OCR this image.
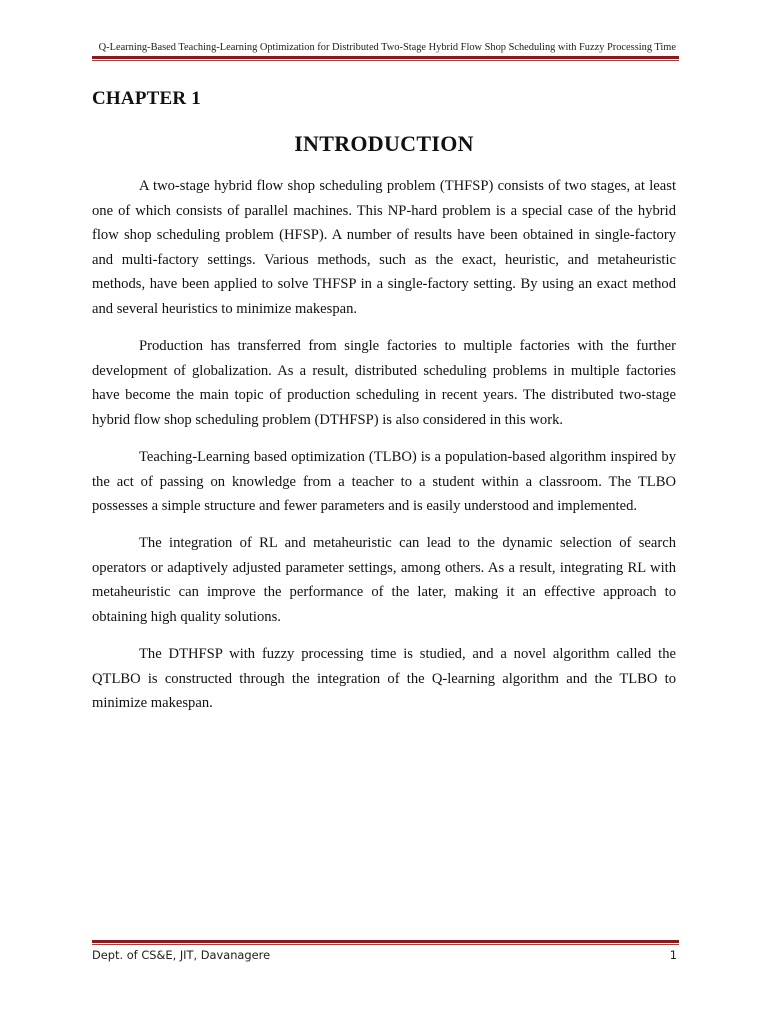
Q-Learning-Based Teaching-Learning Optimization for Distributed Two-Stage Hybrid Flow Shop Scheduling with Fuzzy Processing Time
CHAPTER 1
INTRODUCTION

A two-stage hybrid flow shop scheduling problem (THFSP) consists of two stages, at least one of which consists of parallel machines. This NP-hard problem is a special case of the hybrid flow shop scheduling problem (HFSP). A number of results have been obtained in single-factory and multi-factory settings. Various methods, such as the exact, heuristic, and metaheuristic methods, have been applied to solve THFSP in a single-factory setting. By using an exact method and several heuristics to minimize makespan.

Production has transferred from single factories to multiple factories with the further development of globalization. As a result, distributed scheduling problems in multiple factories have become the main topic of production scheduling in recent years. The distributed two-stage hybrid flow shop scheduling problem (DTHFSP) is also considered in this work.

Teaching-Learning based optimization (TLBO) is a population-based algorithm inspired by the act of passing on knowledge from a teacher to a student within a classroom. The TLBO possesses a simple structure and fewer parameters and is easily understood and implemented.

The integration of RL and metaheuristic can lead to the dynamic selection of search operators or adaptively adjusted parameter settings, among others. As a result, integrating RL with metaheuristic can improve the performance of the later, making it an effective approach to obtaining high quality solutions.

The DTHFSP with fuzzy processing time is studied, and a novel algorithm called the QTLBO is constructed through the integration of the Q-learning algorithm and the TLBO to minimize makespan.

Dept. of CS&E, JIT, Davanagere	1
